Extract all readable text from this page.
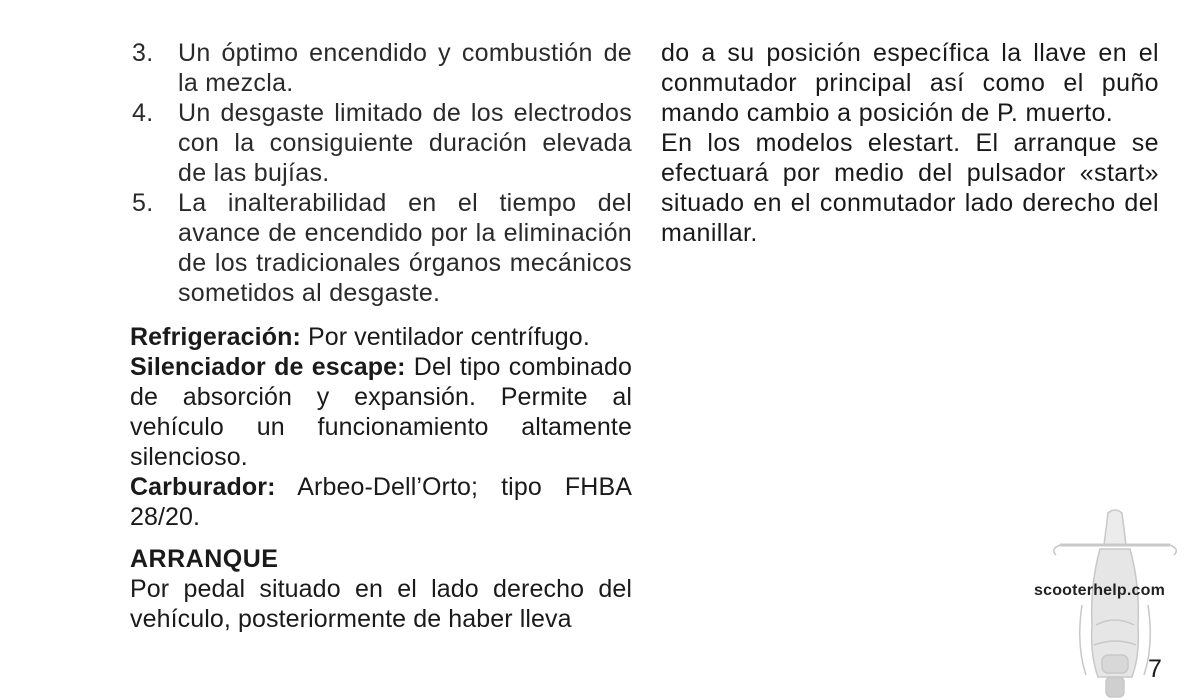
3. Un óptimo encendido y combustión de la mezcla.
4. Un desgaste limitado de los electrodos con la consiguiente duración elevada de las bujías.
5. La inalterabilidad en el tiempo del avance de encendido por la eliminación de los tradicionales órganos mecánicos sometidos al desgaste.

Refrigeración: Por ventilador centrífugo.

Silenciador de escape: Del tipo combinado de absorción y expansión. Permite al vehículo un funcionamiento altamente silencioso.

Carburador: Arbeo-Dell’Orto; tipo FHBA 28/20.

ARRANQUE

Por pedal situado en el lado derecho del vehículo, posteriormente de haber lleva

do a su posición específica la llave en el conmutador principal así como el puño mando cambio a posición de P. muerto.

En los modelos elestart. El arranque se efectuará por medio del pulsador «start» situado en el conmutador lado derecho del manillar.

scooterhelp.com
7
